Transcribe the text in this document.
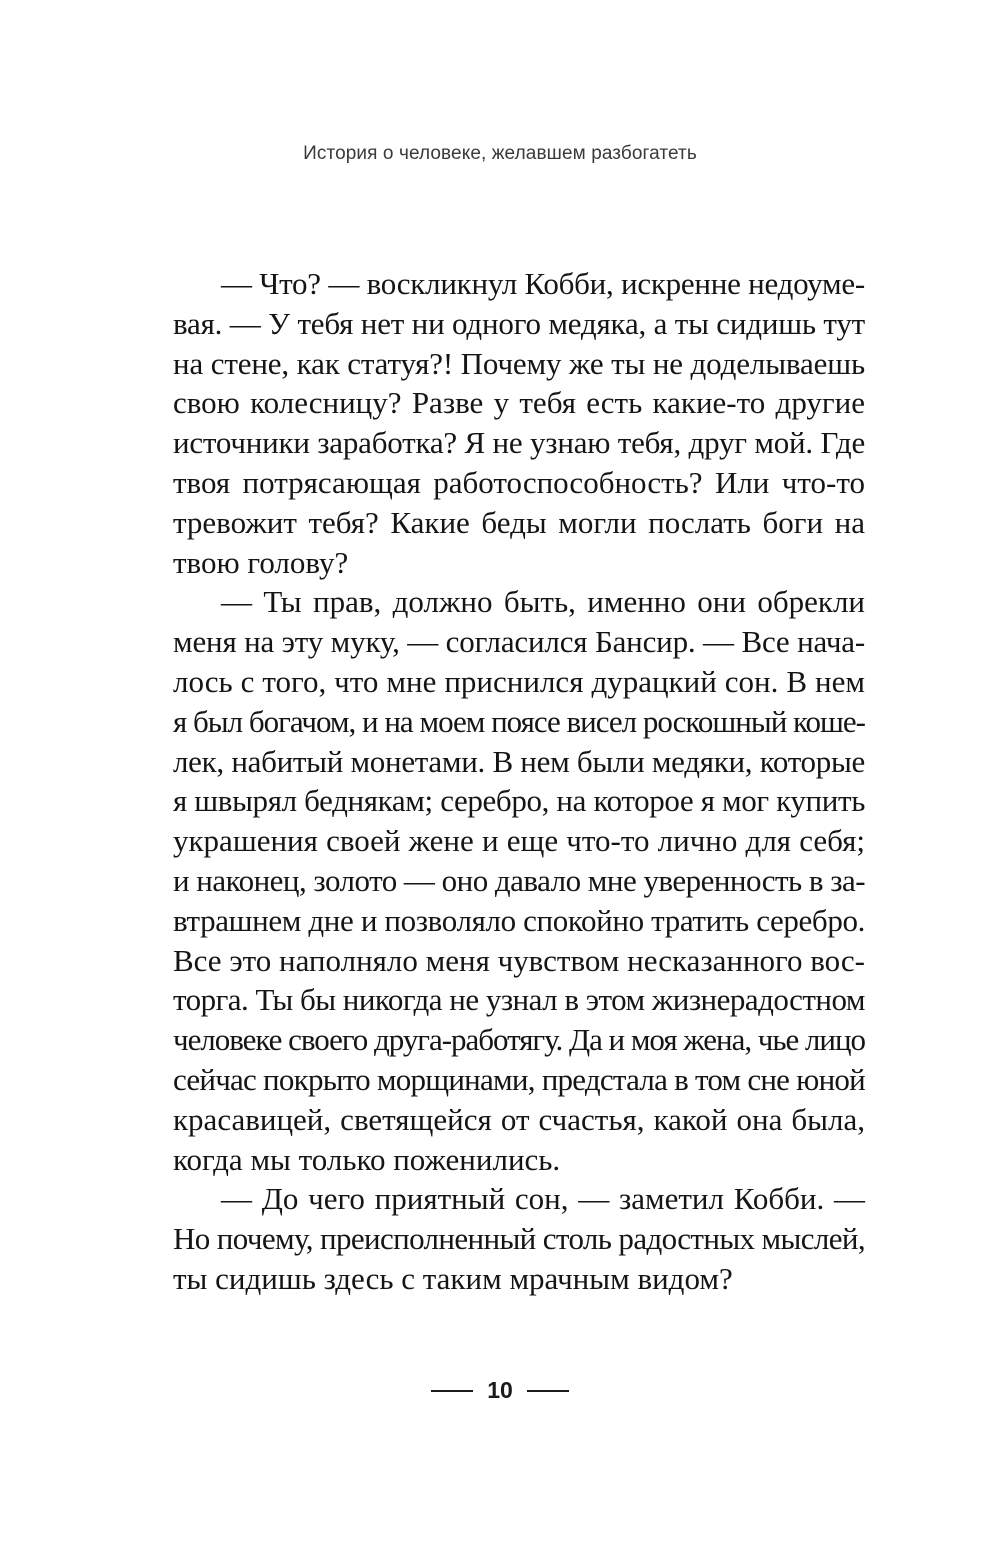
История о человеке, желавшем разбогатеть
— Что? — воскликнул Кобби, искренне недоуме-
вая. — У тебя нет ни одного медяка, а ты сидишь тут
на стене, как статуя?! Почему же ты не доделываешь
свою колесницу? Разве у тебя есть какие-то другие
источники заработка? Я не узнаю тебя, друг мой. Где
твоя потрясающая работоспособность? Или что-то
тревожит тебя? Какие беды могли послать боги на
твою голову?
— Ты прав, должно быть, именно они обрекли
меня на эту муку, — согласился Бансир. — Все нача-
лось с того, что мне приснился дурацкий сон. В нем
я был богачом, и на моем поясе висел роскошный коше-
лек, набитый монетами. В нем были медяки, которые
я швырял беднякам; серебро, на которое я мог купить
украшения своей жене и еще что-то лично для себя;
и наконец, золото — оно давало мне уверенность в за-
втрашнем дне и позволяло спокойно тратить серебро.
Все это наполняло меня чувством несказанного вос-
торга. Ты бы никогда не узнал в этом жизнерадостном
человеке своего друга-работягу. Да и моя жена, чье лицо
сейчас покрыто морщинами, предстала в том сне юной
красавицей, светящейся от счастья, какой она была,
когда мы только поженились.
— До чего приятный сон, — заметил Кобби. —
Но почему, преисполненный столь радостных мыслей,
ты сидишь здесь с таким мрачным видом?
10
